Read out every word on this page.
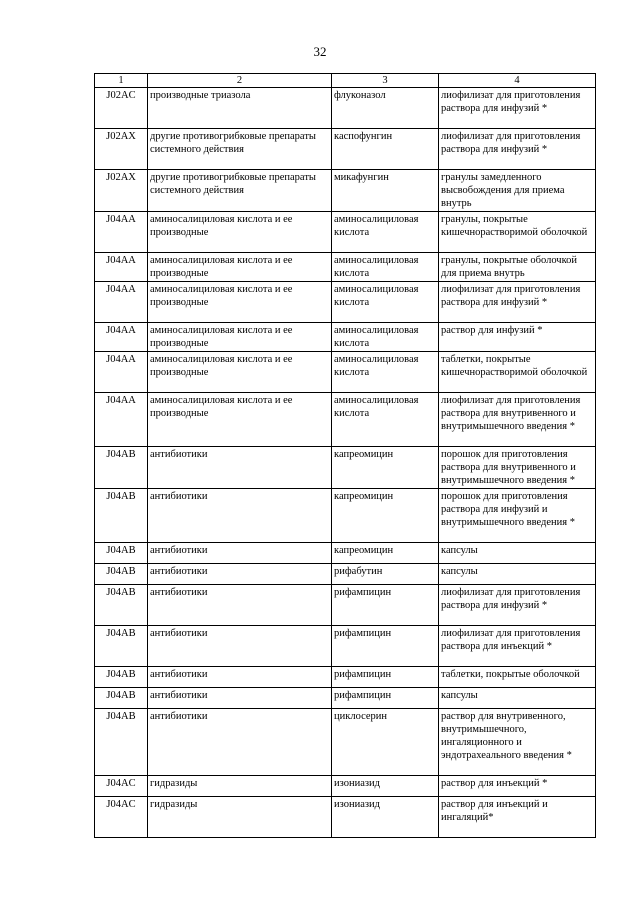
32
1	2	3	4
J02AC	производные триазола	флуконазол	лиофилизат для приготовления раствора для инфузий *
J02AX	другие противогрибковые препараты системного действия	каспофунгин	лиофилизат для приготовления раствора для инфузий *
J02AX	другие противогрибковые препараты системного действия	микафунгин	гранулы замедленного высвобождения для приема внутрь
J04AA	аминосалициловая кислота и ее производные	аминосалициловая кислота	гранулы, покрытые кишечнорастворимой оболочкой
J04AA	аминосалициловая кислота и ее производные	аминосалициловая кислота	гранулы, покрытые оболочкой для приема внутрь
J04AA	аминосалициловая кислота и ее производные	аминосалициловая кислота	лиофилизат для приготовления раствора для инфузий *
J04AA	аминосалициловая кислота и ее производные	аминосалициловая кислота	раствор для инфузий *
J04AA	аминосалициловая кислота и ее производные	аминосалициловая кислота	таблетки, покрытые кишечнорастворимой оболочкой
J04AA	аминосалициловая кислота и ее производные	аминосалициловая кислота	лиофилизат для приготовления раствора для внутривенного и внутримышечного введения *
J04AB	антибиотики	капреомицин	порошок для приготовления раствора для внутривенного и внутримышечного введения *
J04AB	антибиотики	капреомицин	порошок для приготовления раствора для инфузий и внутримышечного введения *
J04AB	антибиотики	капреомицин	капсулы
J04AB	антибиотики	рифабутин	капсулы
J04AB	антибиотики	рифампицин	лиофилизат для приготовления раствора для инфузий *
J04AB	антибиотики	рифампицин	лиофилизат для приготовления раствора для инъекций *
J04AB	антибиотики	рифампицин	таблетки, покрытые оболочкой
J04AB	антибиотики	рифампицин	капсулы
J04AB	антибиотики	циклосерин	раствор для внутривенного, внутримышечного, ингаляционного и эндотрахеального введения *
J04AC	гидразиды	изониазид	раствор для инъекций *
J04AC	гидразиды	изониазид	раствор для инъекций и ингаляций*
